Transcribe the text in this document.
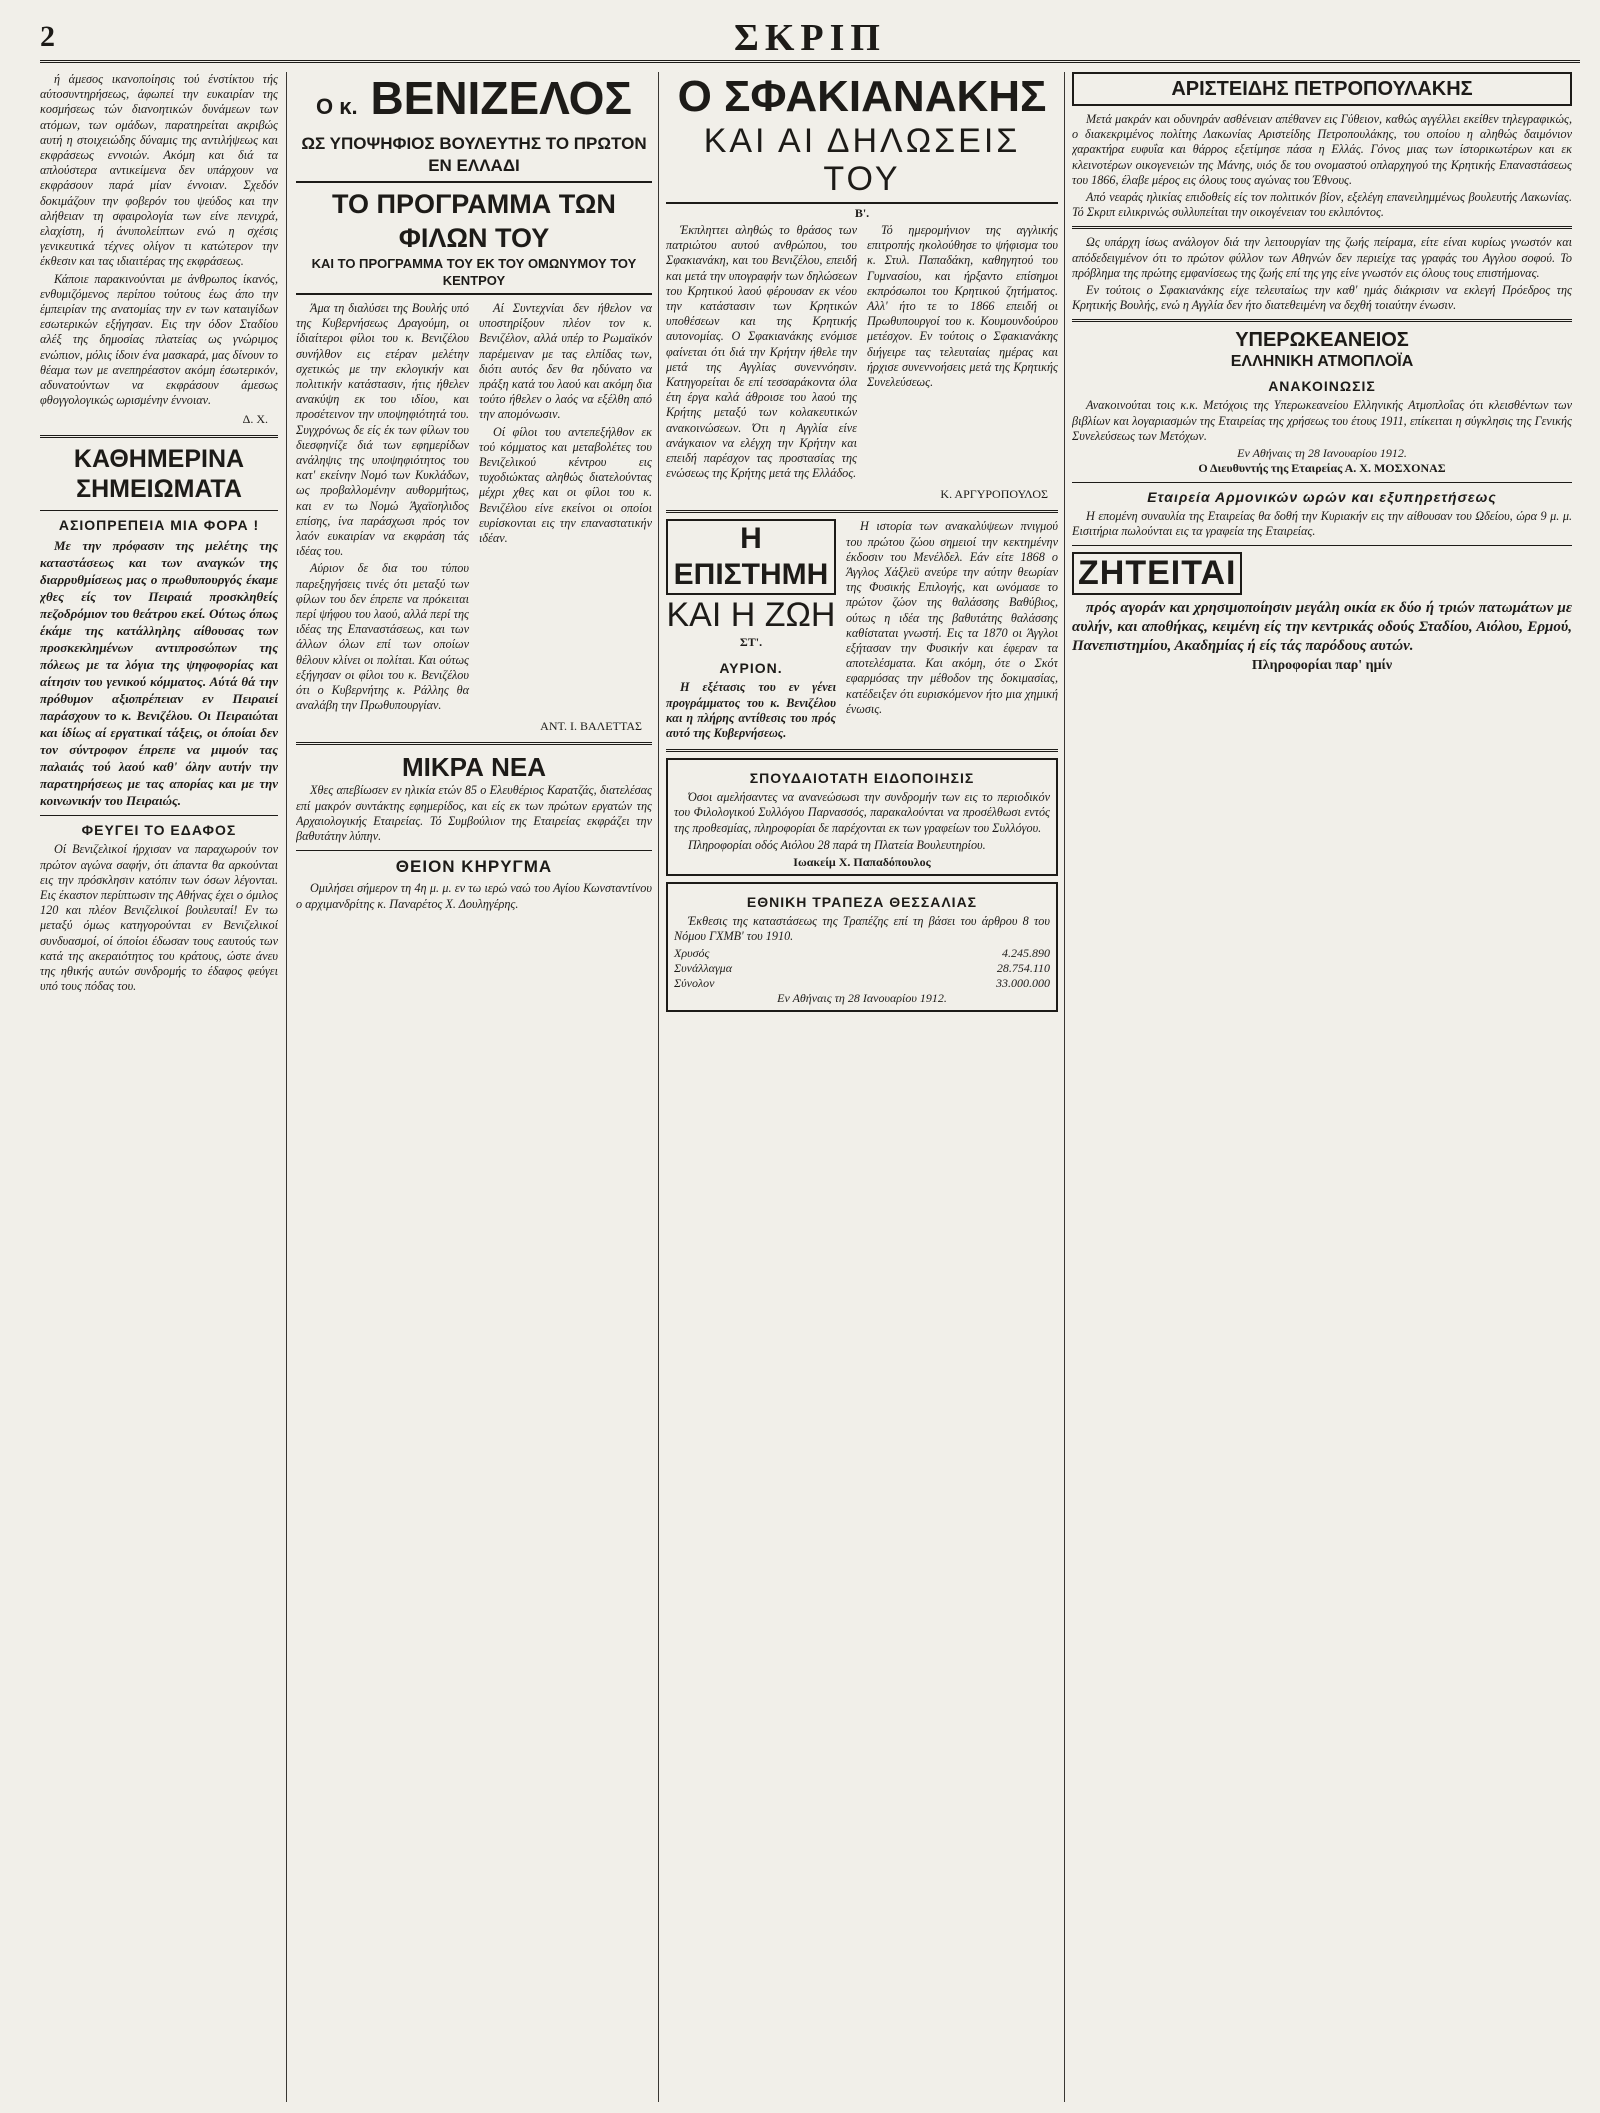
2	ΣΚΡΙΠ

ή άμεσος ικανοποίησις τού ένστίκτου τής αύτοσυντηρήσεως, άφωπεί την ευκαιρίαν της κοσμήσεως τών διανοητικών δυνάμεων των ατόμων, των ομάδων, παρατηρείται ακριβώς αυτή η στοιχειώδης δύναμις της αντιλήψεως και εκφράσεως εννοιών. Ακόμη και διά τα απλούστερα αντικείμενα δεν υπάρχουν να εκφράσουν παρά μίαν έννοιαν. Σχεδόν δοκιμάζουν την φοβερόν του ψεύδος και την αλήθειαν τη σφαιρολογία των είνε πενιχρά, ελαχίστη, ή άνυπολείπτων ενώ η σχέσις γενικευτικά τέχνες ολίγον τι κατώτερον την έκθεσιν και τας ιδιαιτέρας της εκφράσεως.

Κάποιε παρακινούνται με άνθρωπος ίκανός, ενθυμιζόμενος περίπου τούτους έως άπο την έμπειρίαν της ανατομίας την εν των καταιγίδων εσωτερικών εξήγησαν. Εις την όδον Σταδίου αλέξ της δημοσίας πλατείας ως γνώριμος ενώπιον, μόλις ίδοιν ένα μασκαρά, μας δίνουν το θέαμα των με ανεπηρέαστον ακόμη έσωτερικόν, αδυνατούντων να εκφράσουν άμεσως φθογγολογικώς ωρισμένην έννοιαν.

Δ. Χ.
ΚΑΘΗΜΕΡΙΝΑ
ΣΗΜΕΙΩΜΑΤΑ
ΑΣΙΟΠΡΕΠΕΙΑ ΜΙΑ ΦΟΡΑ !

Με την πρόφασιν της μελέτης της καταστάσεως και των αναγκών της διαρρυθμίσεως μας ο πρωθυπουργός έκαμε χθες είς τον Πειραιά προσκληθείς πεζοδρόμιον του θεάτρου εκεί. Ούτως όπως έκάμε της κατάλληλης αίθουσας των προσκεκλημένων αντιπροσώπων της πόλεως με τα λόγια της ψηφοφορίας και αίτησιν του γενικού κόμματος. Αύτά θά την πρόθυμον αξιοπρέπειαν εν Πειραιεί παράσχουν το κ. Βενιζέλου. Οι Πειραιώται και ίδίως αί εργατικαί τάξεις, οι όποίαι δεν τον σύντροφον έπρεπε να μιμούν τας παλαιάς τού λαού καθ' όλην αυτήν την παρατηρήσεως με τας απορίας και με την κοινωνικήν του Πειραιώς.

ΦΕΥΓΕΙ ΤΟ ΕΔΑΦΟΣ

Οί Βενιζελικοί ήρχισαν να παραχωρούν τον πρώτον αγώνα σαφήν, ότι άπαντα θα αρκούνται εις την πρόσκλησιν κατόπιν των όσων λέγονται. Εις έκαστον περίπτωσιν της Αθήνας έχει ο όμιλος 120 και πλέον Βενιζελικοί βουλευταί! Εν τω μεταξύ όμως κατηγορούνται εν Βενιζελικοί συνδυασμοί, οί όποίοι έδωσαν τους εαυτούς των κατά της ακεραιότητος του κράτους, ώστε άνευ της ηθικής αυτών συνδρομής το έδαφος φεύγει υπό τους πόδας του.

Ο κ. ΒΕΝΙΖΕΛΟΣ
ΩΣ ΥΠΟΨΗΦΙΟΣ ΒΟΥΛΕΥΤΗΣ ΤΟ ΠΡΩΤΟΝ ΕΝ ΕΛΛΑΔΙ
ΤΟ ΠΡΟΓΡΑΜΜΑ ΤΩΝ ΦΙΛΩΝ ΤΟΥ
ΚΑΙ ΤΟ ΠΡΟΓΡΑΜΜΑ ΤΟΥ ΕΚ ΤΟΥ ΟΜΩΝΥΜΟΥ ΤΟΥ ΚΕΝΤΡΟΥ

Άμα τη διαλύσει της Βουλής υπό της Κυβερνήσεως Δραγούμη, οι ίδιαίτεροι φίλοι του κ. Βενιζέλου συνήλθον εις ετέραν μελέτην σχετικώς με την εκλογικήν και πολιτικήν κατάστασιν, ήτις ήθελεν ανακύψη εκ του ιδίου, και προσέτεινον την υποψηφιότητά του. Συγχρόνως δε είς έκ των φίλων του διεσφηνίζε διά των εφημερίδων ανάληψις της υποψηφιότητος του κατ' εκείνην Νομό των Κυκλάδων, ως προβαλλομένην αυθορμήτως, και εν τω Νομώ Άχαϊοηλιδος επίσης, ίνα παράσχωσι πρός τον λαόν ευκαιρίαν να εκφράση τάς ιδέας του.

Αύριον δε δια του τύπου παρεξηγήσεις τινές ότι μεταξύ των φίλων του δεν έπρεπε να πρόκειται περί ψήφου του λαού, αλλά περί της ιδέας της Επαναστάσεως, και των άλλων όλων επί των οποίων θέλουν κλίνει οι πολίται. Και ούτως εξήγησαν οι φίλοι του κ. Βενιζέλου ότι ο Κυβερνήτης κ. Ράλλης θα αναλάβη την Πρωθυπουργίαν.

Αί Συντεχνίαι δεν ήθελον να υποστηρίξουν πλέον τον κ. Βενιζέλον, αλλά υπέρ το Ρωμαϊκόν παρέμειναν με τας ελπίδας των, διότι αυτός δεν θα ηδύνατο να πράξη κατά του λαού και ακόμη δια τούτο ήθελεν ο λαός να εξέλθη από την απομόνωσιν.

Οί φίλοι του αντεπεξήλθον εκ τού κόμματος και μεταβολέτες του Βενιζελικού κέντρου εις τυχοδιώκτας αληθώς διατελούντας μέχρι χθες και οι φίλοι του κ. Βενιζέλου είνε εκείνοι οι οποίοι ευρίσκονται εις την επαναστατικήν ιδέαν.

ΑΝΤ. Ι. ΒΑΛΕΤΤΑΣ
ΜΙΚΡΑ ΝΕΑ

Χθες απεβίωσεν εν ηλικία ετών 85 ο Ελευθέριος Καρατζάς, διατελέσας επί μακρόν συντάκτης εφημερίδος, και είς εκ των πρώτων εργατών της Αρχαιολογικής Εταιρείας. Τό Συμβούλιον της Εταιρείας εκφράζει την βαθυτάτην λύπην.

ΘΕΙΟΝ ΚΗΡΥΓΜΑ

Ομιλήσει σήμερον τη 4η μ. μ. εν τω ιερώ ναώ του Αγίου Κωνσταντίνου ο αρχιμανδρίτης κ. Παναρέτος Χ. Δουληγέρης.

Ο ΣΦΑΚΙΑΝΑΚΗΣ
ΚΑΙ ΑΙ ΔΗΛΩΣΕΙΣ ΤΟΥ
Β'.

Έκπληττει αληθώς το θράσος των πατριώτου αυτού ανθρώπου, του Σφακιανάκη, και του Βενιζέλου, επειδή και μετά την υπογραφήν των δηλώσεων του Κρητικού λαού φέρουσαν εκ νέου την κατάστασιν των Κρητικών υποθέσεων και της Κρητικής αυτονομίας. Ο Σφακιανάκης ενόμισε φαίνεται ότι διά την Κρήτην ήθελε την μετά της Αγγλίας συνεννόησιν. Κατηγορείται δε επί τεσσαράκοντα όλα έτη έργα καλά άθροισε του λαού της Κρήτης μεταξύ των κολακευτικών ανακοινώσεων. Ότι η Αγγλία είνε ανάγκαιον να ελέγχη την Κρήτην και επειδή παρέσχον τας προστασίας της ενώσεως της Κρήτης μετά της Ελλάδος.

Τό ημερομήνιον της αγγλικής επιτροπής ηκολούθησε το ψήφισμα του κ. Στυλ. Παπαδάκη, καθηγητού του Γυμνασίου, και ήρξαντο επίσημοι εκπρόσωποι του Κρητικού ζητήματος. Αλλ' ήτο τε το 1866 επειδή οι Πρωθυπουργοί του κ. Κουμουνδούρου μετέσχον. Εν τούτοις ο Σφακιανάκης διήγειρε τας τελευταίας ημέρας και ήρχισε συνεννοήσεις μετά της Κρητικής Συνελεύσεως.

Κ. ΑΡΓΥΡΟΠΟΥΛΟΣ
Η ΕΠΙΣΤΗΜΗ
ΚΑΙ Η ΖΩΗ
ΣΤ'.
ΑΥΡΙΟΝ.

Η εξέτασις του εν γένει προγράμματος του κ. Βενιζέλου και η πλήρης αντίθεσις του πρός αυτό της Κυβερνήσεως.

Η ιστορία των ανακαλύψεων πνιγμού του πρώτου ζώου σημειοί την κεκτημένην έκδοσιν του Μενέλδελ. Εάν είτε 1868 ο Άγγλος Χάξλεϋ ανεύρε την αύτην θεωρίαν της Φυσικής Επιλογής, και ωνόμασε το πρώτον ζώον της θαλάσσης Βαθύβιος, ούτως η ιδέα της βαθυτάτης θαλάσσης καθίσταται γνωστή. Εις τα 1870 οι Άγγλοι εξήτασαν την Φυσικήν και έφεραν τα αποτελέσματα. Και ακόμη, ότε ο Σκότ εφαρμόσας την μέθοδον της δοκιμασίας, κατέδειξεν ότι ευρισκόμενον ήτο μια χημική ένωσις.

ΣΠΟΥΔΑΙΟΤΑΤΗ ΕΙΔΟΠΟΙΗΣΙΣ

Όσοι αμελήσαντες να ανανεώσωσι την συνδρομήν των εις το περιοδικόν του Φιλολογικού Συλλόγου Παρνασσός, παρακαλούνται να προσέλθωσι εντός της προθεσμίας, πληροφορίαι δε παρέχονται εκ των γραφείων του Συλλόγου.

Πληροφορίαι οδός Αιόλου 28 παρά τη Πλατεία Βουλευτηρίου.

Ιωακείμ Χ. Παπαδόπουλος
ΕΘΝΙΚΗ ΤΡΑΠΕΖΑ ΘΕΣΣΑΛΙΑΣ

Έκθεσις της καταστάσεως της Τραπέζης επί τη βάσει του άρθρου 8 του Νόμου ΓΧΜΒ' του 1910.

Χρυσός	4.245.890
Συνάλλαγμα	28.754.110
Σύνολον	33.000.000
Εν Αθήναις τη 28 Ιανουαρίου 1912.
ΑΡΙΣΤΕΙΔΗΣ ΠΕΤΡΟΠΟΥΛΑΚΗΣ

Μετά μακράν και οδυνηράν ασθένειαν απέθανεν εις Γύθειον, καθώς αγγέλλει εκείθεν τηλεγραφικώς, ο διακεκριμένος πολίτης Λακωνίας Αριστείδης Πετροπουλάκης, του οποίου η αληθώς δαιμόνιον χαρακτήρα ευφυΐα και θάρρος εξετίμησε πάσα η Ελλάς. Γόνος μιας των ίστορικωτέρων και εκ κλεινοτέρων οικογενειών της Μάνης, υιός δε του ονομαστού οπλαρχηγού της Κρητικής Επαναστάσεως του 1866, έλαβε μέρος εις όλους τους αγώνας του Έθνους.

Από νεαράς ηλικίας επιδοθείς είς τον πολιτικόν βίον, εξελέγη επανειλημμένως βουλευτής Λακωνίας. Τό Σκριπ ειλικρινώς συλλυπείται την οικογένειαν του εκλιπόντος.

Ως υπάρχη ίσως ανάλογον διά την λειτουργίαν της ζωής πείραμα, είτε είναι κυρίως γνωστόν και απόδεδειγμένον ότι το πρώτον φύλλον των Αθηνών δεν περιείχε τας γραφάς του Αγγλου σοφού. Το πρόβλημα της πρώτης εμφανίσεως της ζωής επί της γης είνε γνωστόν εις όλους τους επιστήμονας.

Εν τούτοις ο Σφακιανάκης είχε τελευταίως την καθ' ημάς διάκρισιν να εκλεγή Πρόεδρος της Κρητικής Βουλής, ενώ η Αγγλία δεν ήτο διατεθειμένη να δεχθή τοιαύτην ένωσιν.

ΥΠΕΡΩΚΕΑΝΕΙΟΣ
ΕΛΛΗΝΙΚΗ ΑΤΜΟΠΛΟΪΑ
ΑΝΑΚΟΙΝΩΣΙΣ

Ανακοινούται τοις κ.κ. Μετόχοις της Υπερωκεανείου Ελληνικής Ατμοπλοΐας ότι κλεισθέντων των βιβλίων και λογαριασμών της Εταιρείας της χρήσεως του έτους 1911, επίκειται η σύγκλησις της Γενικής Συνελεύσεως των Μετόχων.

Εν Αθήναις τη 28 Ιανουαρίου 1912.
Ο Διευθυντής της Εταιρείας Α. Χ. ΜΟΣΧΟΝΑΣ
Εταιρεία Αρμονικών ωρών και εξυπηρετήσεως

Η επομένη συναυλία της Εταιρείας θα δοθή την Κυριακήν εις την αίθουσαν του Ωδείου, ώρα 9 μ. μ. Εισιτήρια πωλούνται εις τα γραφεία της Εταιρείας.

ΖΗΤΕΙΤΑΙ

πρός αγοράν και χρησιμοποίησιν μεγάλη οικία εκ δύο ή τριών πατωμάτων με αυλήν, και αποθήκας, κειμένη είς την κεντρικάς οδούς Σταδίου, Αιόλου, Ερμού, Πανεπιστημίου, Ακαδημίας ή είς τάς παρόδους αυτών.

Πληροφορίαι παρ' ημίν
